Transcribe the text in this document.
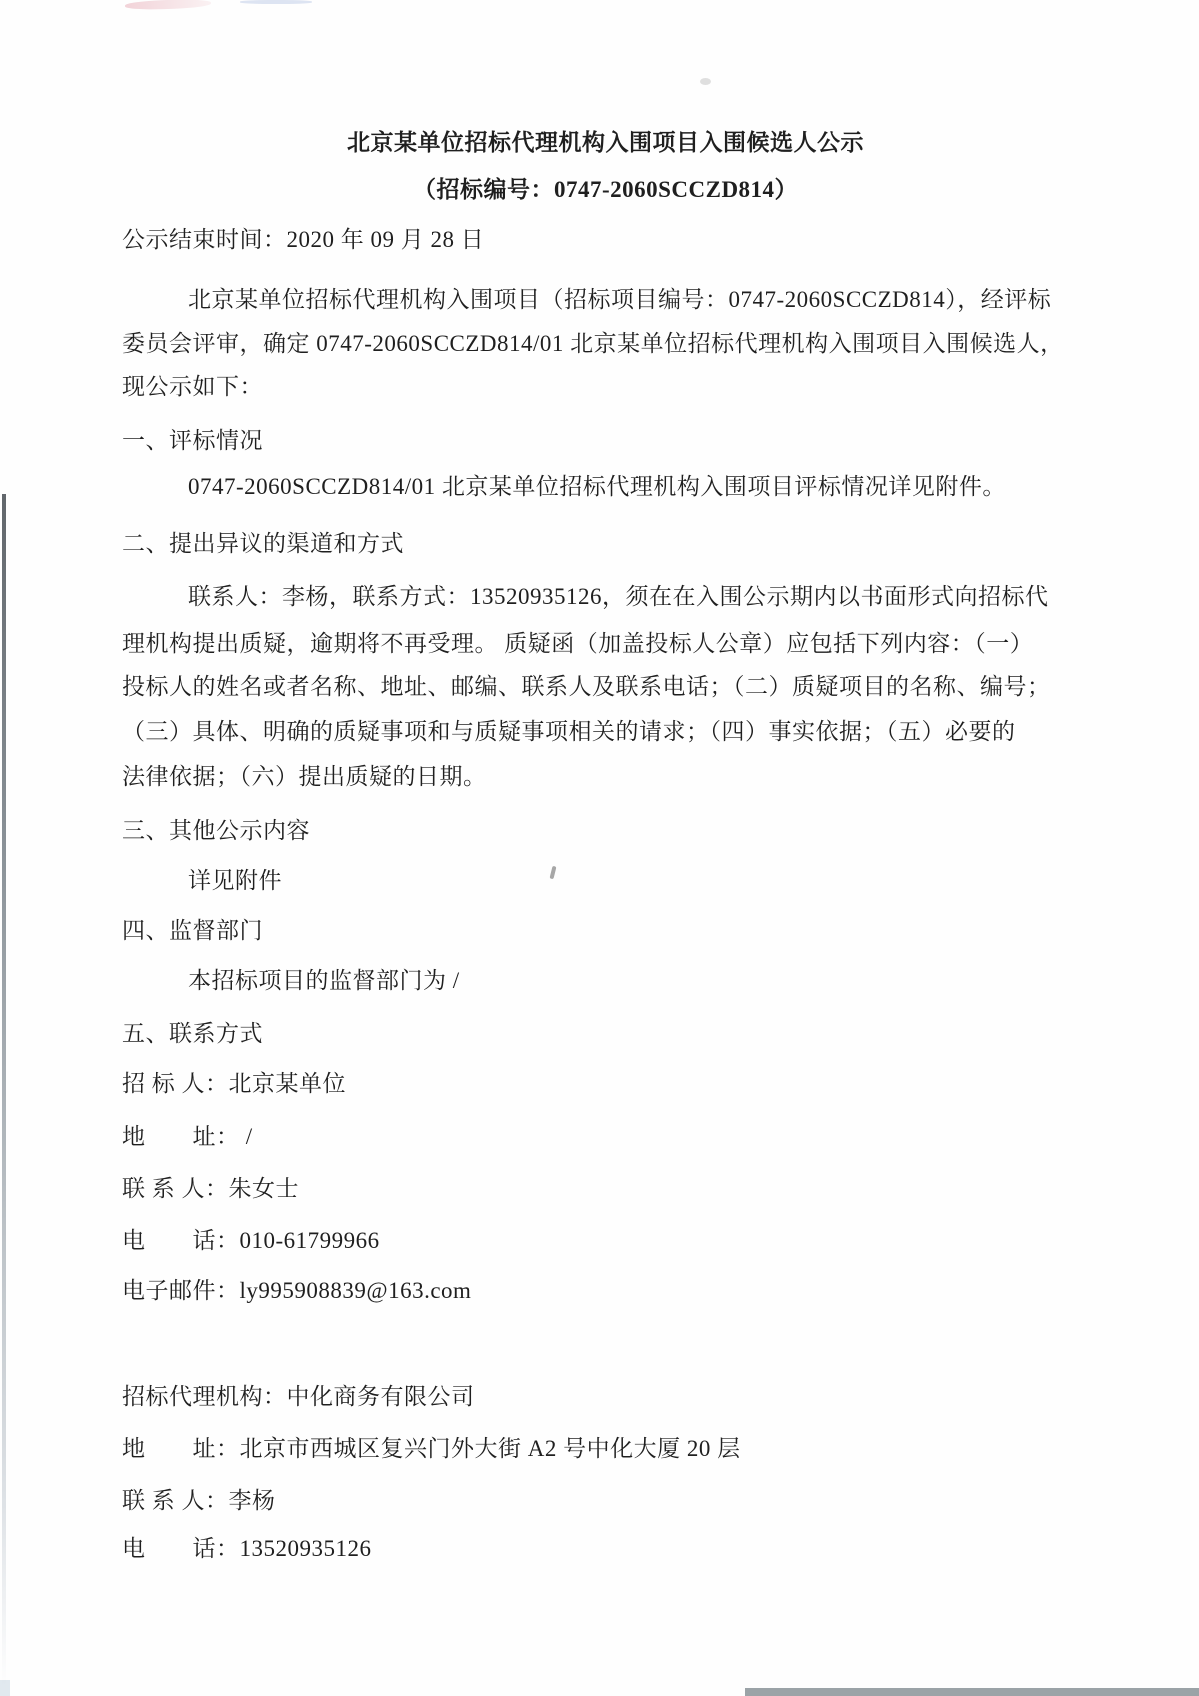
北京某单位招标代理机构入围项目入围候选人公示

（招标编号：0747-2060SCCZD814）

公示结束时间：2020 年 09 月 28 日

北京某单位招标代理机构入围项目（招标项目编号：0747-2060SCCZD814），经评标

委员会评审，确定 0747-2060SCCZD814/01 北京某单位招标代理机构入围项目入围候选人，

现公示如下：

一、评标情况

0747-2060SCCZD814/01 北京某单位招标代理机构入围项目评标情况详见附件。

二、提出异议的渠道和方式

联系人：李杨，联系方式：13520935126，须在在入围公示期内以书面形式向招标代

理机构提出质疑，逾期将不再受理。 质疑函（加盖投标人公章）应包括下列内容：（一）

投标人的姓名或者名称、地址、邮编、联系人及联系电话；（二）质疑项目的名称、编号；

（三）具体、明确的质疑事项和与质疑事项相关的请求；（四）事实依据；（五）必要的

法律依据；（六）提出质疑的日期。

三、其他公示内容

详见附件

四、监督部门

本招标项目的监督部门为 /

五、联系方式

招 标 人：北京某单位

地　　址： /

联 系 人：朱女士

电　　话：010-61799966

电子邮件：ly995908839@163.com

招标代理机构：中化商务有限公司

地　　址：北京市西城区复兴门外大街 A2 号中化大厦 20 层

联 系 人：李杨

电　　话：13520935126
